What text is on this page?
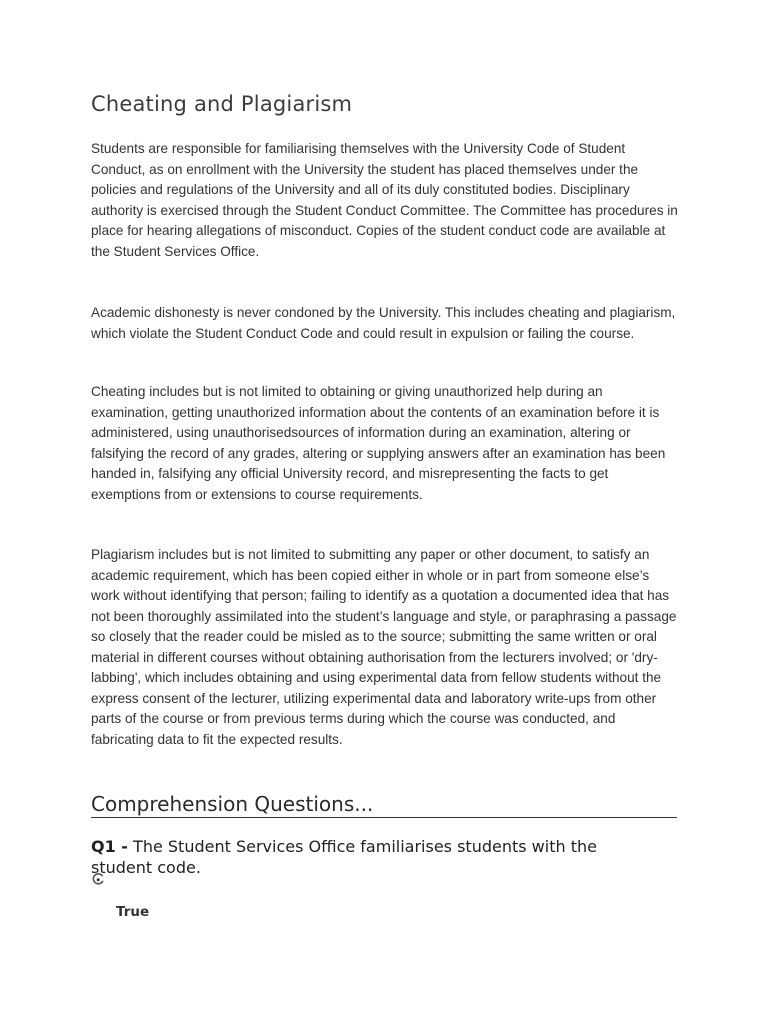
Cheating and Plagiarism

Students are responsible for familiarising themselves with the University Code of Student Conduct, as on enrollment with the University the student has placed themselves under the policies and regulations of the University and all of its duly constituted bodies. Disciplinary authority is exercised through the Student Conduct Committee. The Committee has procedures in place for hearing allegations of misconduct. Copies of the student conduct code are available at the Student Services Office.

Academic dishonesty is never condoned by the University. This includes cheating and plagiarism, which violate the Student Conduct Code and could result in expulsion or failing the course.

Cheating includes but is not limited to obtaining or giving unauthorized help during an examination, getting unauthorized information about the contents of an examination before it is administered, using unauthorisedsources of information during an examination, altering or falsifying the record of any grades, altering or supplying answers after an examination has been handed in, falsifying any official University record, and misrepresenting the facts to get exemptions from or extensions to course requirements.

Plagiarism includes but is not limited to submitting any paper or other document, to satisfy an academic requirement, which has been copied either in whole or in part from someone else’s work without identifying that person; failing to identify as a quotation a documented idea that has not been thoroughly assimilated into the student’s language and style, or paraphrasing a passage so closely that the reader could be misled as to the source; submitting the same written or oral material in different courses without obtaining authorisation from the lecturers involved; or 'dry-labbing', which includes obtaining and using experimental data from fellow students without the express consent of the lecturer, utilizing experimental data and laboratory write-ups from other parts of the course or from previous terms during which the course was conducted, and fabricating data to fit the expected results.

Comprehension Questions...

Q1 - The Student Services Office familiarises students with the student code.

True
